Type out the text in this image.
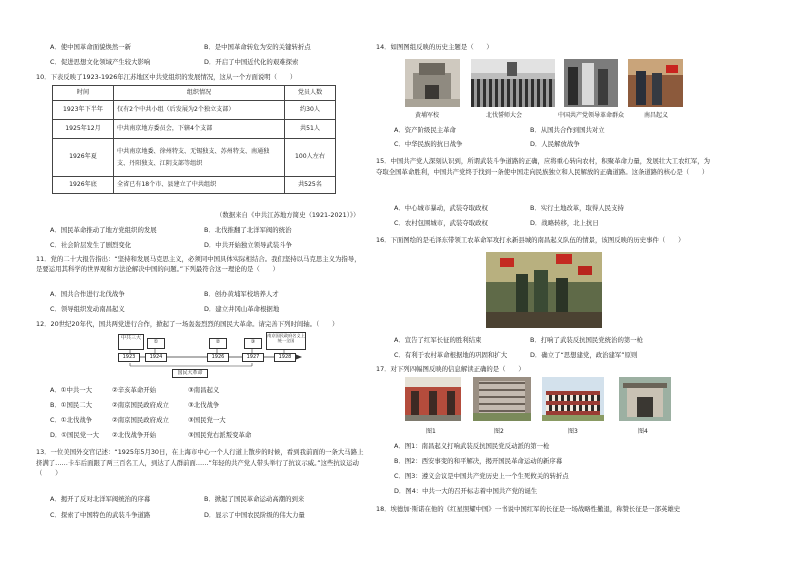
A．使中国革命面貌焕然一新	B．是中国革命转危为安的关键转折点
C．促进思想文化领域产生较大影响	D．开启了中国近代化的艰难探索
10．下表反映了1923-1926年江苏地区中共党组织的发展情况，这从一个方面说明（　　）
时间	组织情况	党员人数
1923年下半年	仅有2个中共小组（后发展为2个独立支部）	约30人
1925年12月	中共南京地方委员会，下辖4个支部	共51人
1926年夏	中共南京地委、徐州特支、无锡独支、苏州特支、南通独支、丹阳独支、江阴支部等组织	100人左右
1926年底	全省已有18个市、县建立了中共组织	共525名
（数据来自《中共江苏地方简史（1921-2021）》）
A．国民革命推动了地方党组织的发展	B．北伐推翻了北洋军阀的统治
C．社会阶层发生了剧烈变化	D．中共开始独立领导武装斗争
11．党的二十大报告指出：“坚持和发展马克思主义，必须同中国具体实际相结合。我们坚持以马克思主义为指导，是要运用其科学的世界观和方法论解决中国的问题。”下列最符合这一理论的是（　　）
A．国共合作进行北伐战争	B．创办黄埔军校培养人才
C．领导组织发动南昌起义	D．建立井冈山革命根据地
12．20世纪20年代，国共两党进行合作，掀起了一场轰轰烈烈的国民大革命。请完善下列时间轴。（　　）
中共三大
①	②	③
南京国民政府名义上统一全国
1923	1924	1926	1927	1928
国民大革命
A．①中共一大	②辛亥革命开始	③南昌起义
B．①国民二大	②南京国民政府成立	③北伐战争
C．①北伐战争	②南京国民政府成立	③国民党一大
D．①国民党一大 ②北伐战争开始	③国民党右派叛变革命
13．一位美国外交官记述：“1925年5月30日，在上海市中心一个人行道上散步的时候，看到我前面的一条大马路上挤满了……卡车后面跟了两三百名工人，到达了人群前面……”年轻的共产党人带头举行了抗议示威。”这些抗议运动（　　）
A．揭开了反对北洋军阀统治的序幕	B．掀起了国民革命运动高潮的到来
C．探索了中国特色的武装斗争道路	D．显示了中国农民阶级的伟大力量
14．如图图组反映的历史主题是（　　）
黄埔军校	北伐誓师大会	中国共产党领导革命群众	南昌起义
A．资产阶级民主革命	B．从国共合作到国共对立
C．中华民族的抗日战争	D．人民解放战争
15．中国共产党人深刻认识到，所谓武装斗争道路的正确，应将重心转向农村，积聚革命力量，发展壮大工农红军，为夺取全国革命胜利，中国共产党终于找到一条使中国走向民族独立和人民解放的正确道路。这条道路的核心是（　　）
A．中心城市暴动，武装夺取政权	B．实行土地改革，取得人民支持
C．农村包围城市，武装夺取政权	D．战略转移，北上抗日
16．下面图绘的是毛泽东带领工农革命军攻打永新县城的南昌起义队伍的情景，该图反映的历史事件（　　）
A．宣告了红军长征的胜利结束	B．打响了武装反抗国民党统治的第一枪
C．有利于农村革命根据地的巩固和扩大	D．确立了“思想建党，政治建军”原则
17．对下列四幅图反映的信息解读正确的是（　　）
图1	图2	图3	图4
A．图1：南昌起义打响武装反抗国民党反动派的第一枪
B．图2：西安事变的和平解决，揭开国民革命运动的新序幕
C．图3：遵义会议是中国共产党历史上一个生死攸关的转折点
D．图4：中共一大的召开标志着中国共产党的诞生
18．埃德加·斯诺在他的《红星照耀中国》一书说中国红军的长征是一场战略性撤退，称赞长征是一部英雄史
